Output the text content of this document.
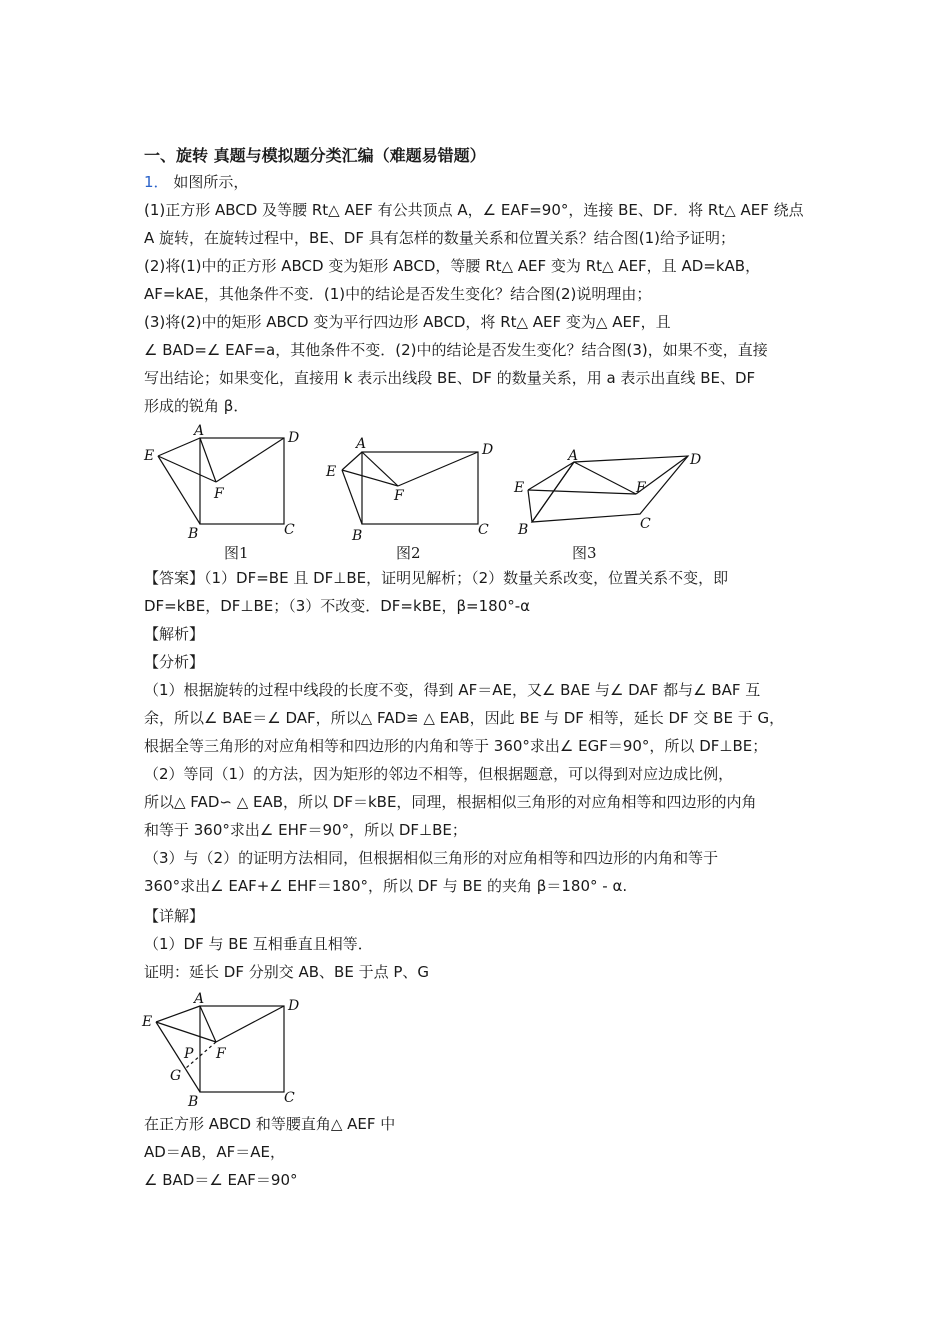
一、旋转 真题与模拟题分类汇编（难题易错题）
1． 如图所示，
(1)正方形 ABCD 及等腰 Rt△ AEF 有公共顶点 A，∠ EAF=90°，连接 BE、DF．将 Rt△ AEF 绕点
A 旋转，在旋转过程中，BE、DF 具有怎样的数量关系和位置关系？结合图(1)给予证明；
(2)将(1)中的正方形 ABCD 变为矩形 ABCD，等腰 Rt△ AEF 变为 Rt△ AEF，且 AD=kAB，
AF=kAE，其他条件不变．(1)中的结论是否发生变化？结合图(2)说明理由；
(3)将(2)中的矩形 ABCD 变为平行四边形 ABCD，将 Rt△ AEF 变为△ AEF，且
∠ BAD=∠ EAF=a，其他条件不变．(2)中的结论是否发生变化？结合图(3)，如果不变，直接
写出结论；如果变化，直接用 k 表示出线段 BE、DF 的数量关系，用 a 表示出直线 BE、DF
形成的锐角 β．
A	D
E
F
B	C
图1
A	D
E
F
B	C
图2
A	D
E	F
B	C
图3
【答案】（1）DF=BE 且 DF⊥BE，证明见解析；（2）数量关系改变，位置关系不变，即
DF=kBE，DF⊥BE；（3）不改变．DF=kBE，β=180°-α
【解析】
【分析】
（1）根据旋转的过程中线段的长度不变，得到 AF＝AE，又∠ BAE 与∠ DAF 都与∠ BAF 互
余，所以∠ BAE＝∠ DAF，所以△ FAD≌ △ EAB，因此 BE 与 DF 相等，延长 DF 交 BE 于 G，
根据全等三角形的对应角相等和四边形的内角和等于 360°求出∠ EGF＝90°，所以 DF⊥BE；
（2）等同（1）的方法，因为矩形的邻边不相等，但根据题意，可以得到对应边成比例，
所以△ FAD∽ △ EAB，所以 DF＝kBE，同理，根据相似三角形的对应角相等和四边形的内角
和等于 360°求出∠ EHF＝90°，所以 DF⊥BE；
（3）与（2）的证明方法相同，但根据相似三角形的对应角相等和四边形的内角和等于
360°求出∠ EAF+∠ EHF＝180°，所以 DF 与 BE 的夹角 β＝180° - α.
【详解】
（1）DF 与 BE 互相垂直且相等．
证明：延长 DF 分别交 AB、BE 于点 P、G
A	D
E
F
P
G
B	C
在正方形 ABCD 和等腰直角△ AEF 中
AD＝AB，AF＝AE，
∠ BAD＝∠ EAF＝90°
